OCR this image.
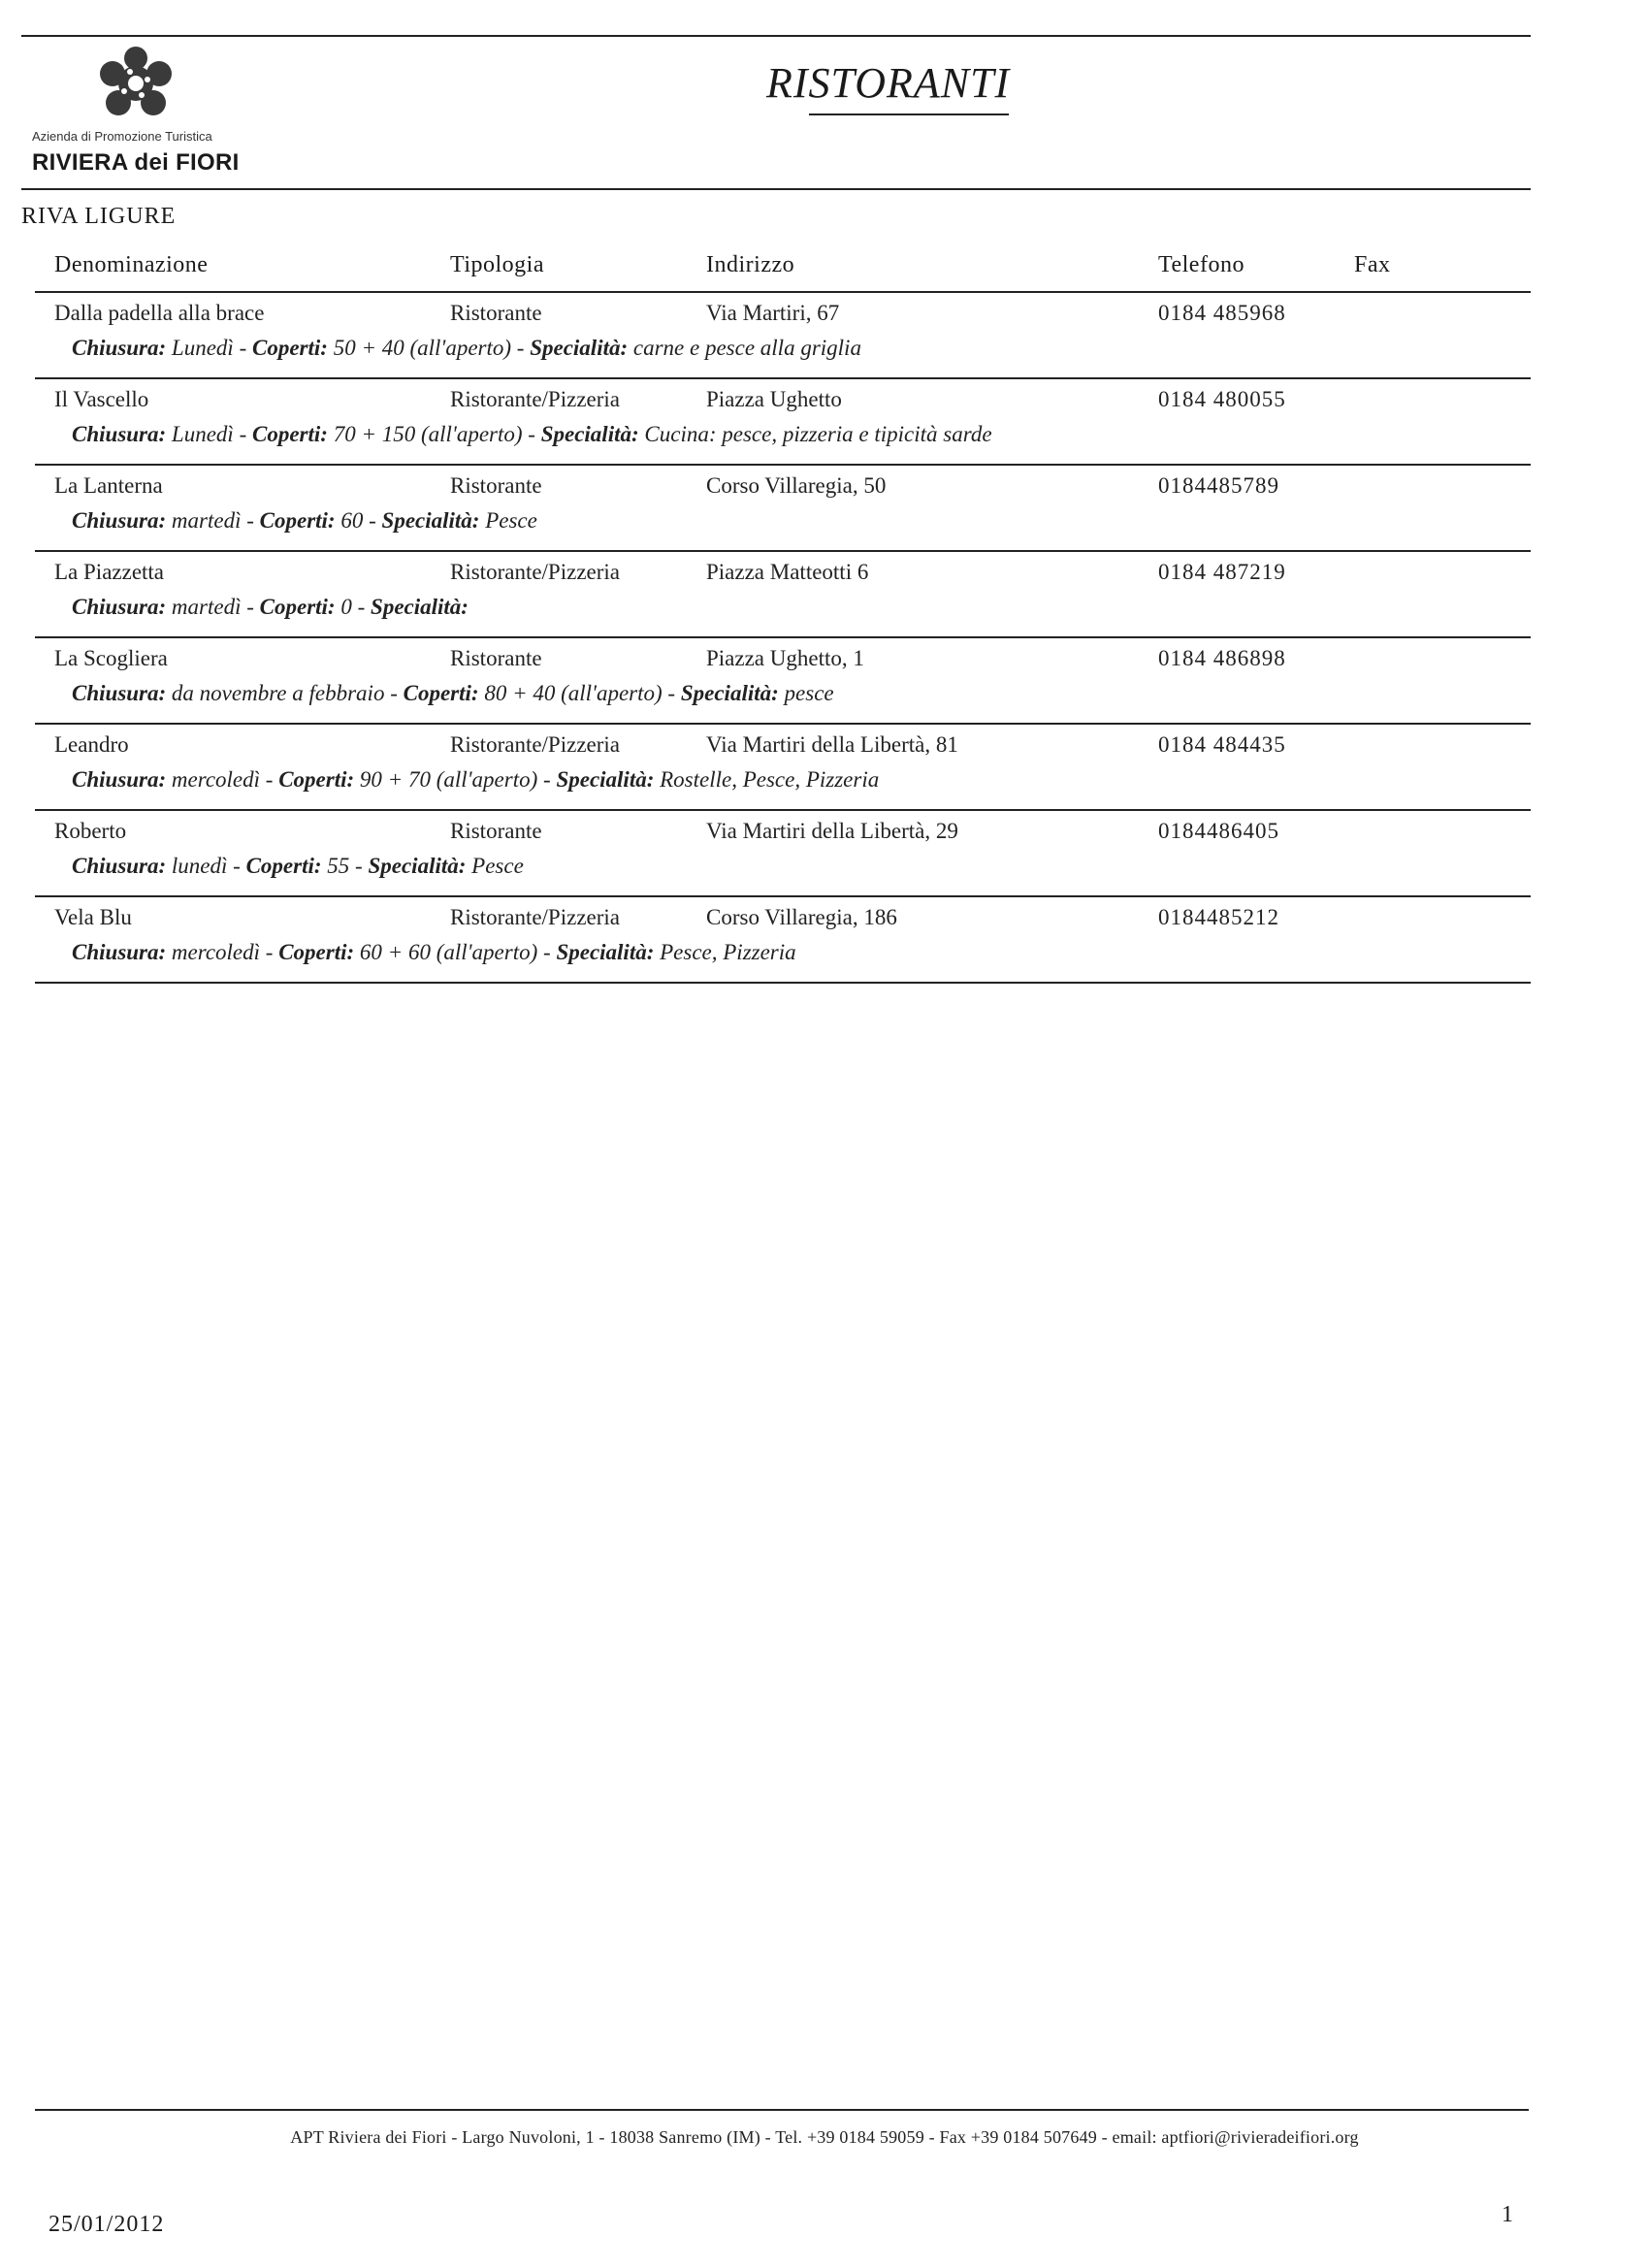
Azienda di Promozione Turistica
RIVIERA dei FIORI
RISTORANTI
RIVA LIGURE
Denominazione	Tipologia	Indirizzo	Telefono	Fax
Dalla padella alla brace	Ristorante	Via Martiri, 67	0184 485968
Chiusura: Lunedì - Coperti: 50 + 40 (all'aperto) - Specialità: carne e pesce alla griglia
Il Vascello	Ristorante/Pizzeria	Piazza Ughetto	0184 480055
Chiusura: Lunedì - Coperti: 70 + 150 (all'aperto) - Specialità: Cucina: pesce, pizzeria e tipicità sarde
La Lanterna	Ristorante	Corso Villaregia, 50	0184485789
Chiusura: martedì - Coperti: 60 - Specialità: Pesce
La Piazzetta	Ristorante/Pizzeria	Piazza Matteotti 6	0184 487219
Chiusura: martedì - Coperti: 0 - Specialità:
La Scogliera	Ristorante	Piazza Ughetto, 1	0184 486898
Chiusura: da novembre a febbraio - Coperti: 80 + 40 (all'aperto) - Specialità: pesce
Leandro	Ristorante/Pizzeria	Via Martiri della Libertà, 81	0184 484435
Chiusura: mercoledì - Coperti: 90 + 70 (all'aperto) - Specialità: Rostelle, Pesce, Pizzeria
Roberto	Ristorante	Via Martiri della Libertà, 29	0184486405
Chiusura: lunedì - Coperti: 55 - Specialità: Pesce
Vela Blu	Ristorante/Pizzeria	Corso Villaregia, 186	0184485212
Chiusura: mercoledì - Coperti: 60 + 60 (all'aperto) - Specialità: Pesce, Pizzeria
APT Riviera dei Fiori - Largo Nuvoloni, 1 - 18038 Sanremo (IM) - Tel. +39 0184 59059 - Fax +39 0184 507649 - email: aptfiori@rivieradeifiori.org
25/01/2012	1
